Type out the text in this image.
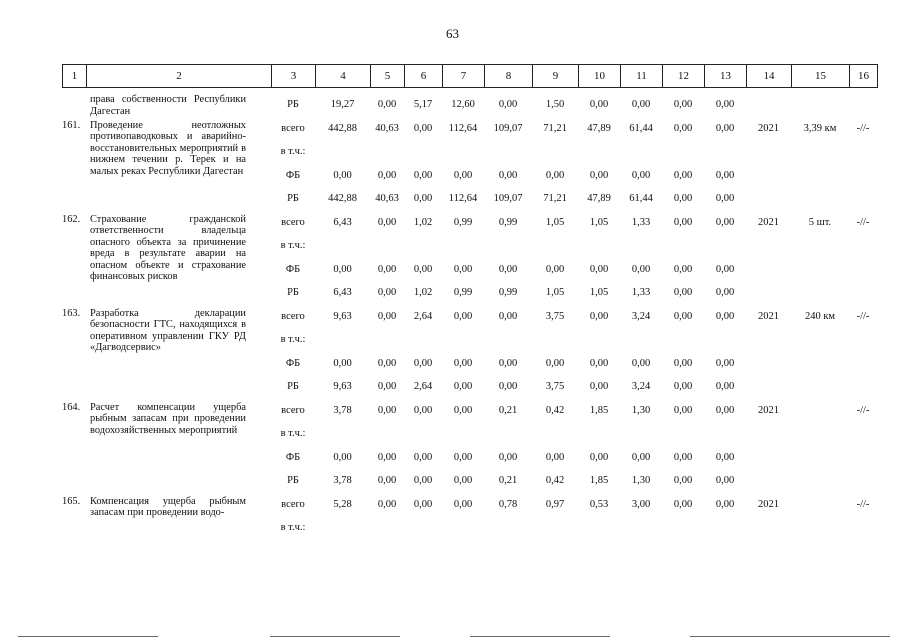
63
1	2	3	4	5	6	7	8	9	10	11	12	13	14	15	16
права собственности Республики Дагестан	РБ	19,27	0,00	5,17	12,60	0,00	1,50	0,00	0,00	0,00	0,00			

161. Проведение неотложных противопаводковых и аварийно-восстановительных мероприятий в нижнем течении р. Терек и на малых реках Республики Дагестан	всего	442,88	40,63	0,00	112,64	109,07	71,21	47,89	61,44	0,00	0,00	2021	3,39 км	-//-
	в т.ч.:													
	ФБ	0,00	0,00	0,00	0,00	0,00	0,00	0,00	0,00	0,00	0,00			
	РБ	442,88	40,63	0,00	112,64	109,07	71,21	47,89	61,44	0,00	0,00			

162. Страхование гражданской ответственности владельца опасного объекта за причинение вреда в результате аварии на опасном объекте и страхование финансовых рисков	всего	6,43	0,00	1,02	0,99	0,99	1,05	1,05	1,33	0,00	0,00	2021	5 шт.	-//-
	в т.ч.:													
	ФБ	0,00	0,00	0,00	0,00	0,00	0,00	0,00	0,00	0,00	0,00			
	РБ	6,43	0,00	1,02	0,99	0,99	1,05	1,05	1,33	0,00	0,00			

163. Разработка декларации безопасности ГТС, находящихся в оперативном управлении ГКУ РД «Дагводсервис»	всего	9,63	0,00	2,64	0,00	0,00	3,75	0,00	3,24	0,00	0,00	2021	240 км	-//-
	в т.ч.:													
	ФБ	0,00	0,00	0,00	0,00	0,00	0,00	0,00	0,00	0,00	0,00			
	РБ	9,63	0,00	2,64	0,00	0,00	3,75	0,00	3,24	0,00	0,00			

164. Расчет компенсации ущерба рыбным запасам при проведении водохозяйственных мероприятий	всего	3,78	0,00	0,00	0,00	0,21	0,42	1,85	1,30	0,00	0,00	2021		-//-
	в т.ч.:													
	ФБ	0,00	0,00	0,00	0,00	0,00	0,00	0,00	0,00	0,00	0,00			
	РБ	3,78	0,00	0,00	0,00	0,21	0,42	1,85	1,30	0,00	0,00			

165. Компенсация ущерба рыбным запасам при проведении водо-	всего	5,28	0,00	0,00	0,00	0,78	0,97	0,53	3,00	0,00	0,00	2021		-//-
	в т.ч.:													
